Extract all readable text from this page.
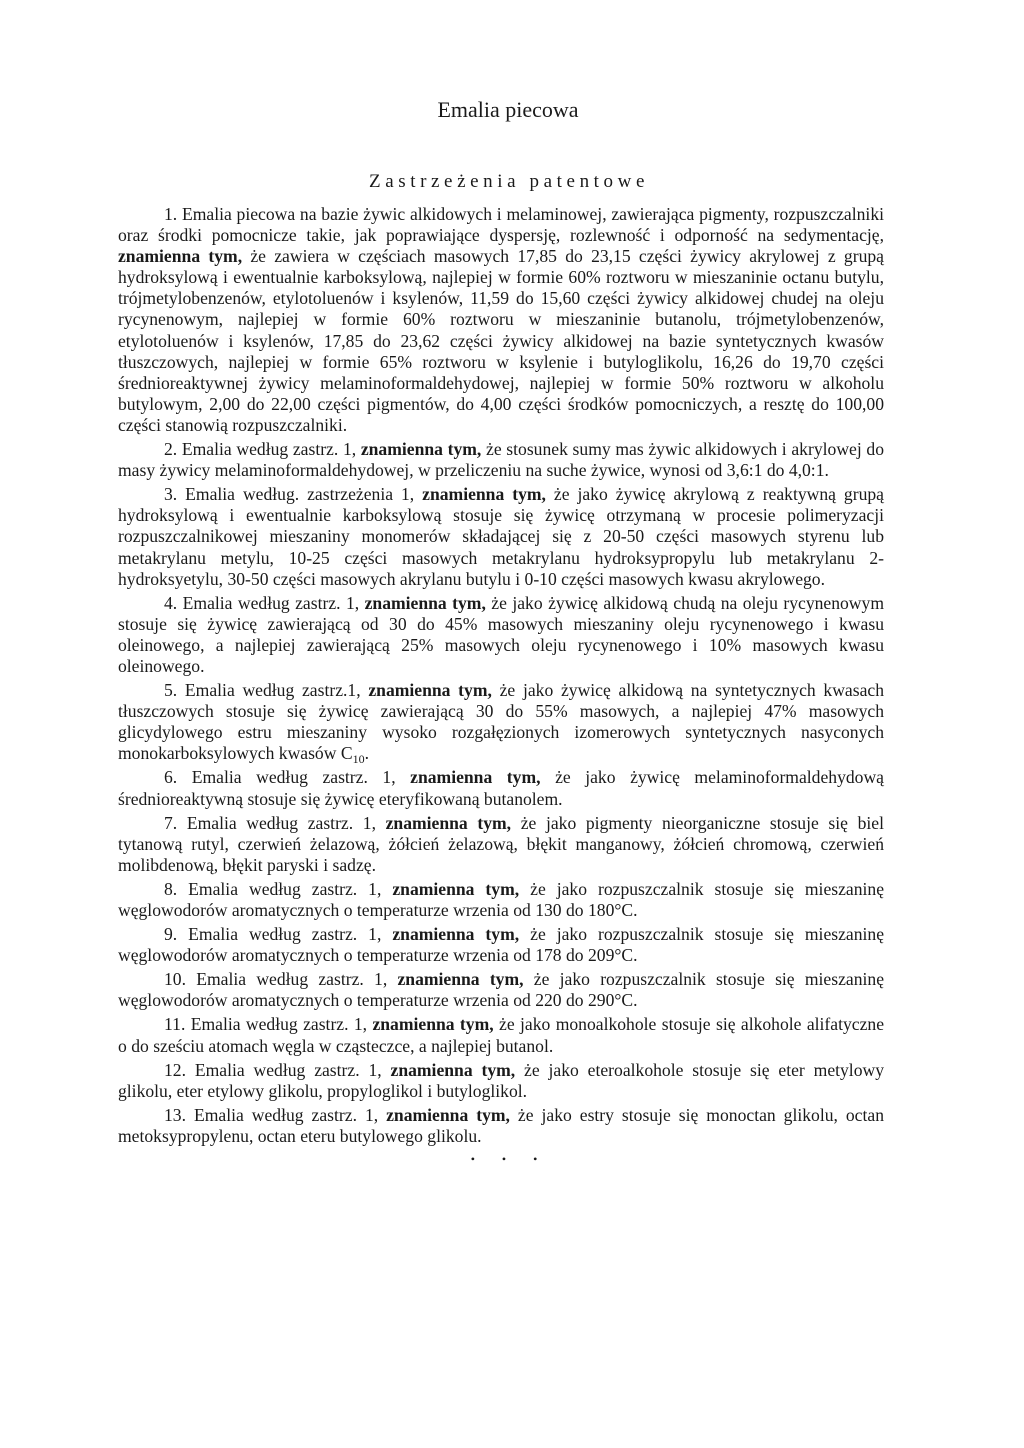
Emalia piecowa
Zastrzeżenia patentowe

1. Emalia piecowa na bazie żywic alkidowych i melaminowej, zawierająca pigmenty, rozpuszczalniki oraz środki pomocnicze takie, jak poprawiające dyspersję, rozlewność i odporność na sedymentację, znamienna tym, że zawiera w częściach masowych 17,85 do 23,15 części żywicy akrylowej z grupą hydroksylową i ewentualnie karboksylową, najlepiej w formie 60% roztworu w mieszaninie octanu butylu, trójmetylobenzenów, etylotoluenów i ksylenów, 11,59 do 15,60 części żywicy alkidowej chudej na oleju rycynenowym, najlepiej w formie 60% roztworu w mieszaninie butanolu, trójmetylobenzenów, etylotoluenów i ksylenów, 17,85 do 23,62 części żywicy alkidowej na bazie syntetycznych kwasów tłuszczowych, najlepiej w formie 65% roztworu w ksylenie i butyloglikolu, 16,26 do 19,70 części średnioreaktywnej żywicy melaminoformaldehydowej, najlepiej w formie 50% roztworu w alkoholu butylowym, 2,00 do 22,00 części pigmentów, do 4,00 części środków pomocniczych, a resztę do 100,00 części stanowią rozpuszczalniki.

2. Emalia według zastrz. 1, znamienna tym, że stosunek sumy mas żywic alkidowych i akrylowej do masy żywicy melaminoformaldehydowej, w przeliczeniu na suche żywice, wynosi od 3,6:1 do 4,0:1.

3. Emalia według. zastrzeżenia 1, znamienna tym, że jako żywicę akrylową z reaktywną grupą hydroksylową i ewentualnie karboksylową stosuje się żywicę otrzymaną w procesie polimeryzacji rozpuszczalnikowej mieszaniny monomerów składającej się z 20-50 części masowych styrenu lub metakrylanu metylu, 10-25 części masowych metakrylanu hydroksypropylu lub metakrylanu 2-hydroksyetylu, 30-50 części masowych akrylanu butylu i 0-10 części masowych kwasu akrylowego.

4. Emalia według zastrz. 1, znamienna tym, że jako żywicę alkidową chudą na oleju rycynenowym stosuje się żywicę zawierającą od 30 do 45% masowych mieszaniny oleju rycynenowego i kwasu oleinowego, a najlepiej zawierającą 25% masowych oleju rycynenowego i 10% masowych kwasu oleinowego.

5. Emalia według zastrz.1, znamienna tym, że jako żywicę alkidową na syntetycznych kwasach tłuszczowych stosuje się żywicę zawierającą 30 do 55% masowych, a najlepiej 47% masowych glicydylowego estru mieszaniny wysoko rozgałęzionych izomerowych syntetycznych nasyconych monokarboksylowych kwasów $C_{10}$.

6. Emalia według zastrz. 1, znamienna tym, że jako żywicę melaminoformaldehydową średnioreaktywną stosuje się żywicę eteryfikowaną butanolem.

7. Emalia według zastrz. 1, znamienna tym, że jako pigmenty nieorganiczne stosuje się biel tytanową rutyl, czerwień żelazową, żółcień żelazową, błękit manganowy, żółcień chromową, czerwień molibdenową, błękit paryski i sadzę.

8. Emalia według zastrz. 1, znamienna tym, że jako rozpuszczalnik stosuje się mieszaninę węglowodorów aromatycznych o temperaturze wrzenia od 130 do 180°C.

9. Emalia według zastrz. 1, znamienna tym, że jako rozpuszczalnik stosuje się mieszaninę węglowodorów aromatycznych o temperaturze wrzenia od 178 do 209°C.

10. Emalia według zastrz. 1, znamienna tym, że jako rozpuszczalnik stosuje się mieszaninę węglowodorów aromatycznych o temperaturze wrzenia od 220 do 290°C.

11. Emalia według zastrz. 1, znamienna tym, że jako monoalkohole stosuje się alkohole alifatyczne o do sześciu atomach węgla w cząsteczce, a najlepiej butanol.

12. Emalia według zastrz. 1, znamienna tym, że jako eteroalkohole stosuje się eter metylowy glikolu, eter etylowy glikolu, propyloglikol i butyloglikol.

13. Emalia według zastrz. 1, znamienna tym, że jako estry stosuje się monoctan glikolu, octan metoksypropylenu, octan eteru butylowego glikolu.

• • •
